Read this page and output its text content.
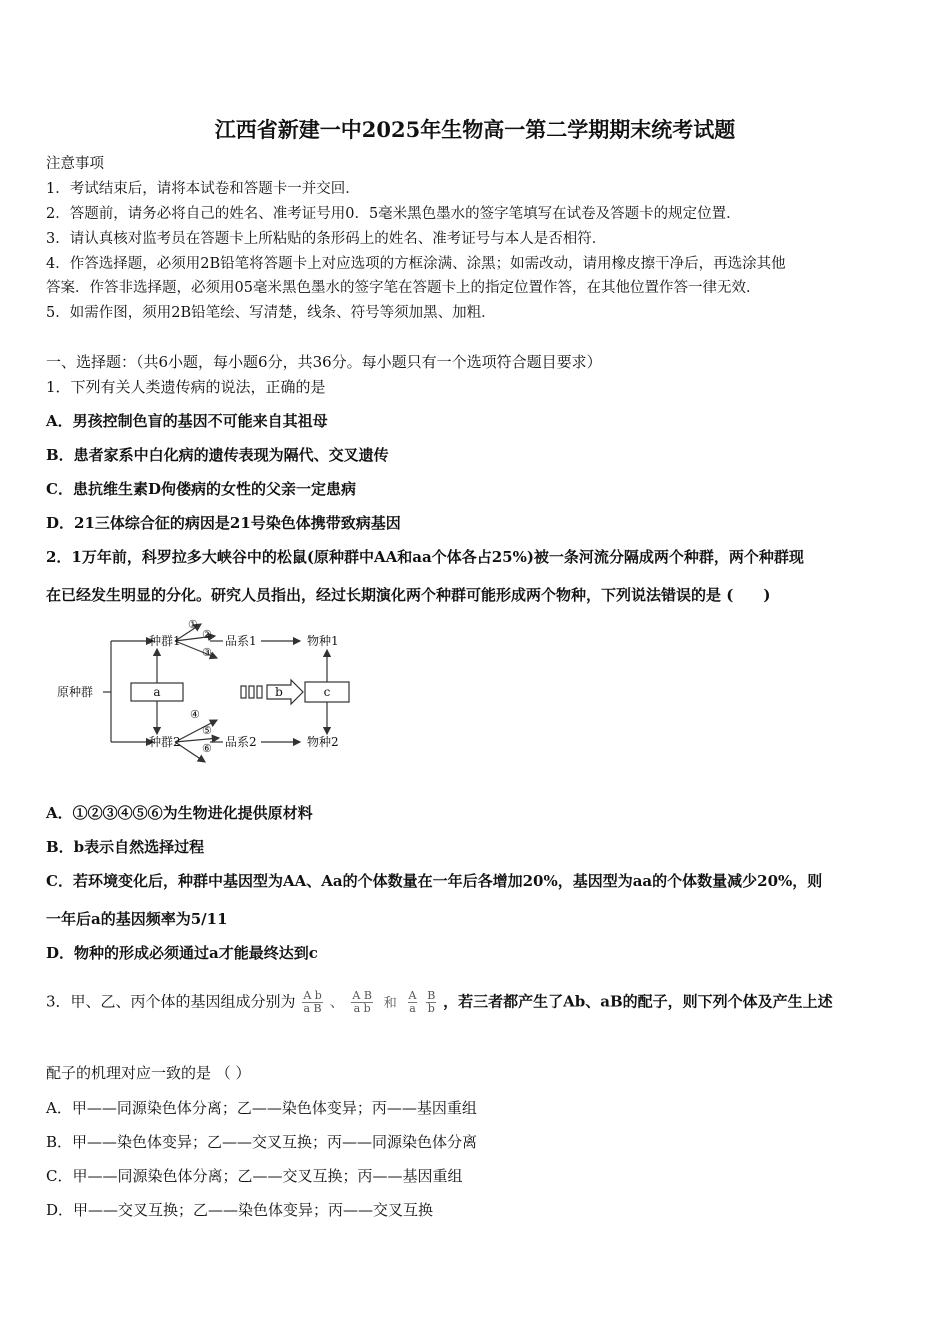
江西省新建一中2025年生物高一第二学期期末统考试题
注意事项
1．考试结束后，请将本试卷和答题卡一并交回．
2．答题前，请务必将自己的姓名、准考证号用0．5毫米黑色墨水的签字笔填写在试卷及答题卡的规定位置．
3．请认真核对监考员在答题卡上所粘贴的条形码上的姓名、准考证号与本人是否相符．
4．作答选择题，必须用2B铅笔将答题卡上对应选项的方框涂满、涂黑；如需改动，请用橡皮擦干净后，再选涂其他
答案．作答非选择题，必须用05毫米黑色墨水的签字笔在答题卡上的指定位置作答，在其他位置作答一律无效．
5．如需作图，须用2B铅笔绘、写清楚，线条、符号等须加黑、加粗．
一、选择题：（共6小题，每小题6分，共36分。每小题只有一个选项符合题目要求）
1．下列有关人类遗传病的说法，正确的是
A．男孩控制色盲的基因不可能来自其祖母
B．患者家系中白化病的遗传表现为隔代、交叉遗传
C．患抗维生素D佝偻病的女性的父亲一定患病
D．21三体综合征的病因是21号染色体携带致病基因
2．1万年前，科罗拉多大峡谷中的松鼠(原种群中AA和aa个体各占25%)被一条河流分隔成两个种群，两个种群现
在已经发生明显的分化。研究人员指出，经过长期演化两个种群可能形成两个物种，下列说法错误的是 (　　)
原种群
种群1
种群2
品系1
品系2
物种1
物种2
a	b	c
①
②
③
④
⑤
⑥
A．①②③④⑤⑥为生物进化提供原材料
B．b表示自然选择过程
C．若环境变化后，种群中基因型为AA、Aa的个体数量在一年后各增加20%，基因型为aa的个体数量减少20%，则
一年后a的基因频率为5/11
D．物种的形成必须通过a才能最终达到c
3．甲、乙、丙个体的基因组成分别为 $\frac{\text{A b}}{\text{a B}}$ 、 $\frac{\text{A B}}{\text{a b}}$ 和 $\frac{A}{a}$
$\frac{B}{b}$ ，若三者都产生了Ab、aB的配子，则下列个体及产生上述
配子的机理对应一致的是 （ ）
A．甲——同源染色体分离；乙——染色体变异；丙——基因重组
B．甲——染色体变异；乙——交叉互换；丙——同源染色体分离
C．甲——同源染色体分离；乙——交叉互换；丙——基因重组
D．甲——交叉互换；乙——染色体变异；丙——交叉互换
